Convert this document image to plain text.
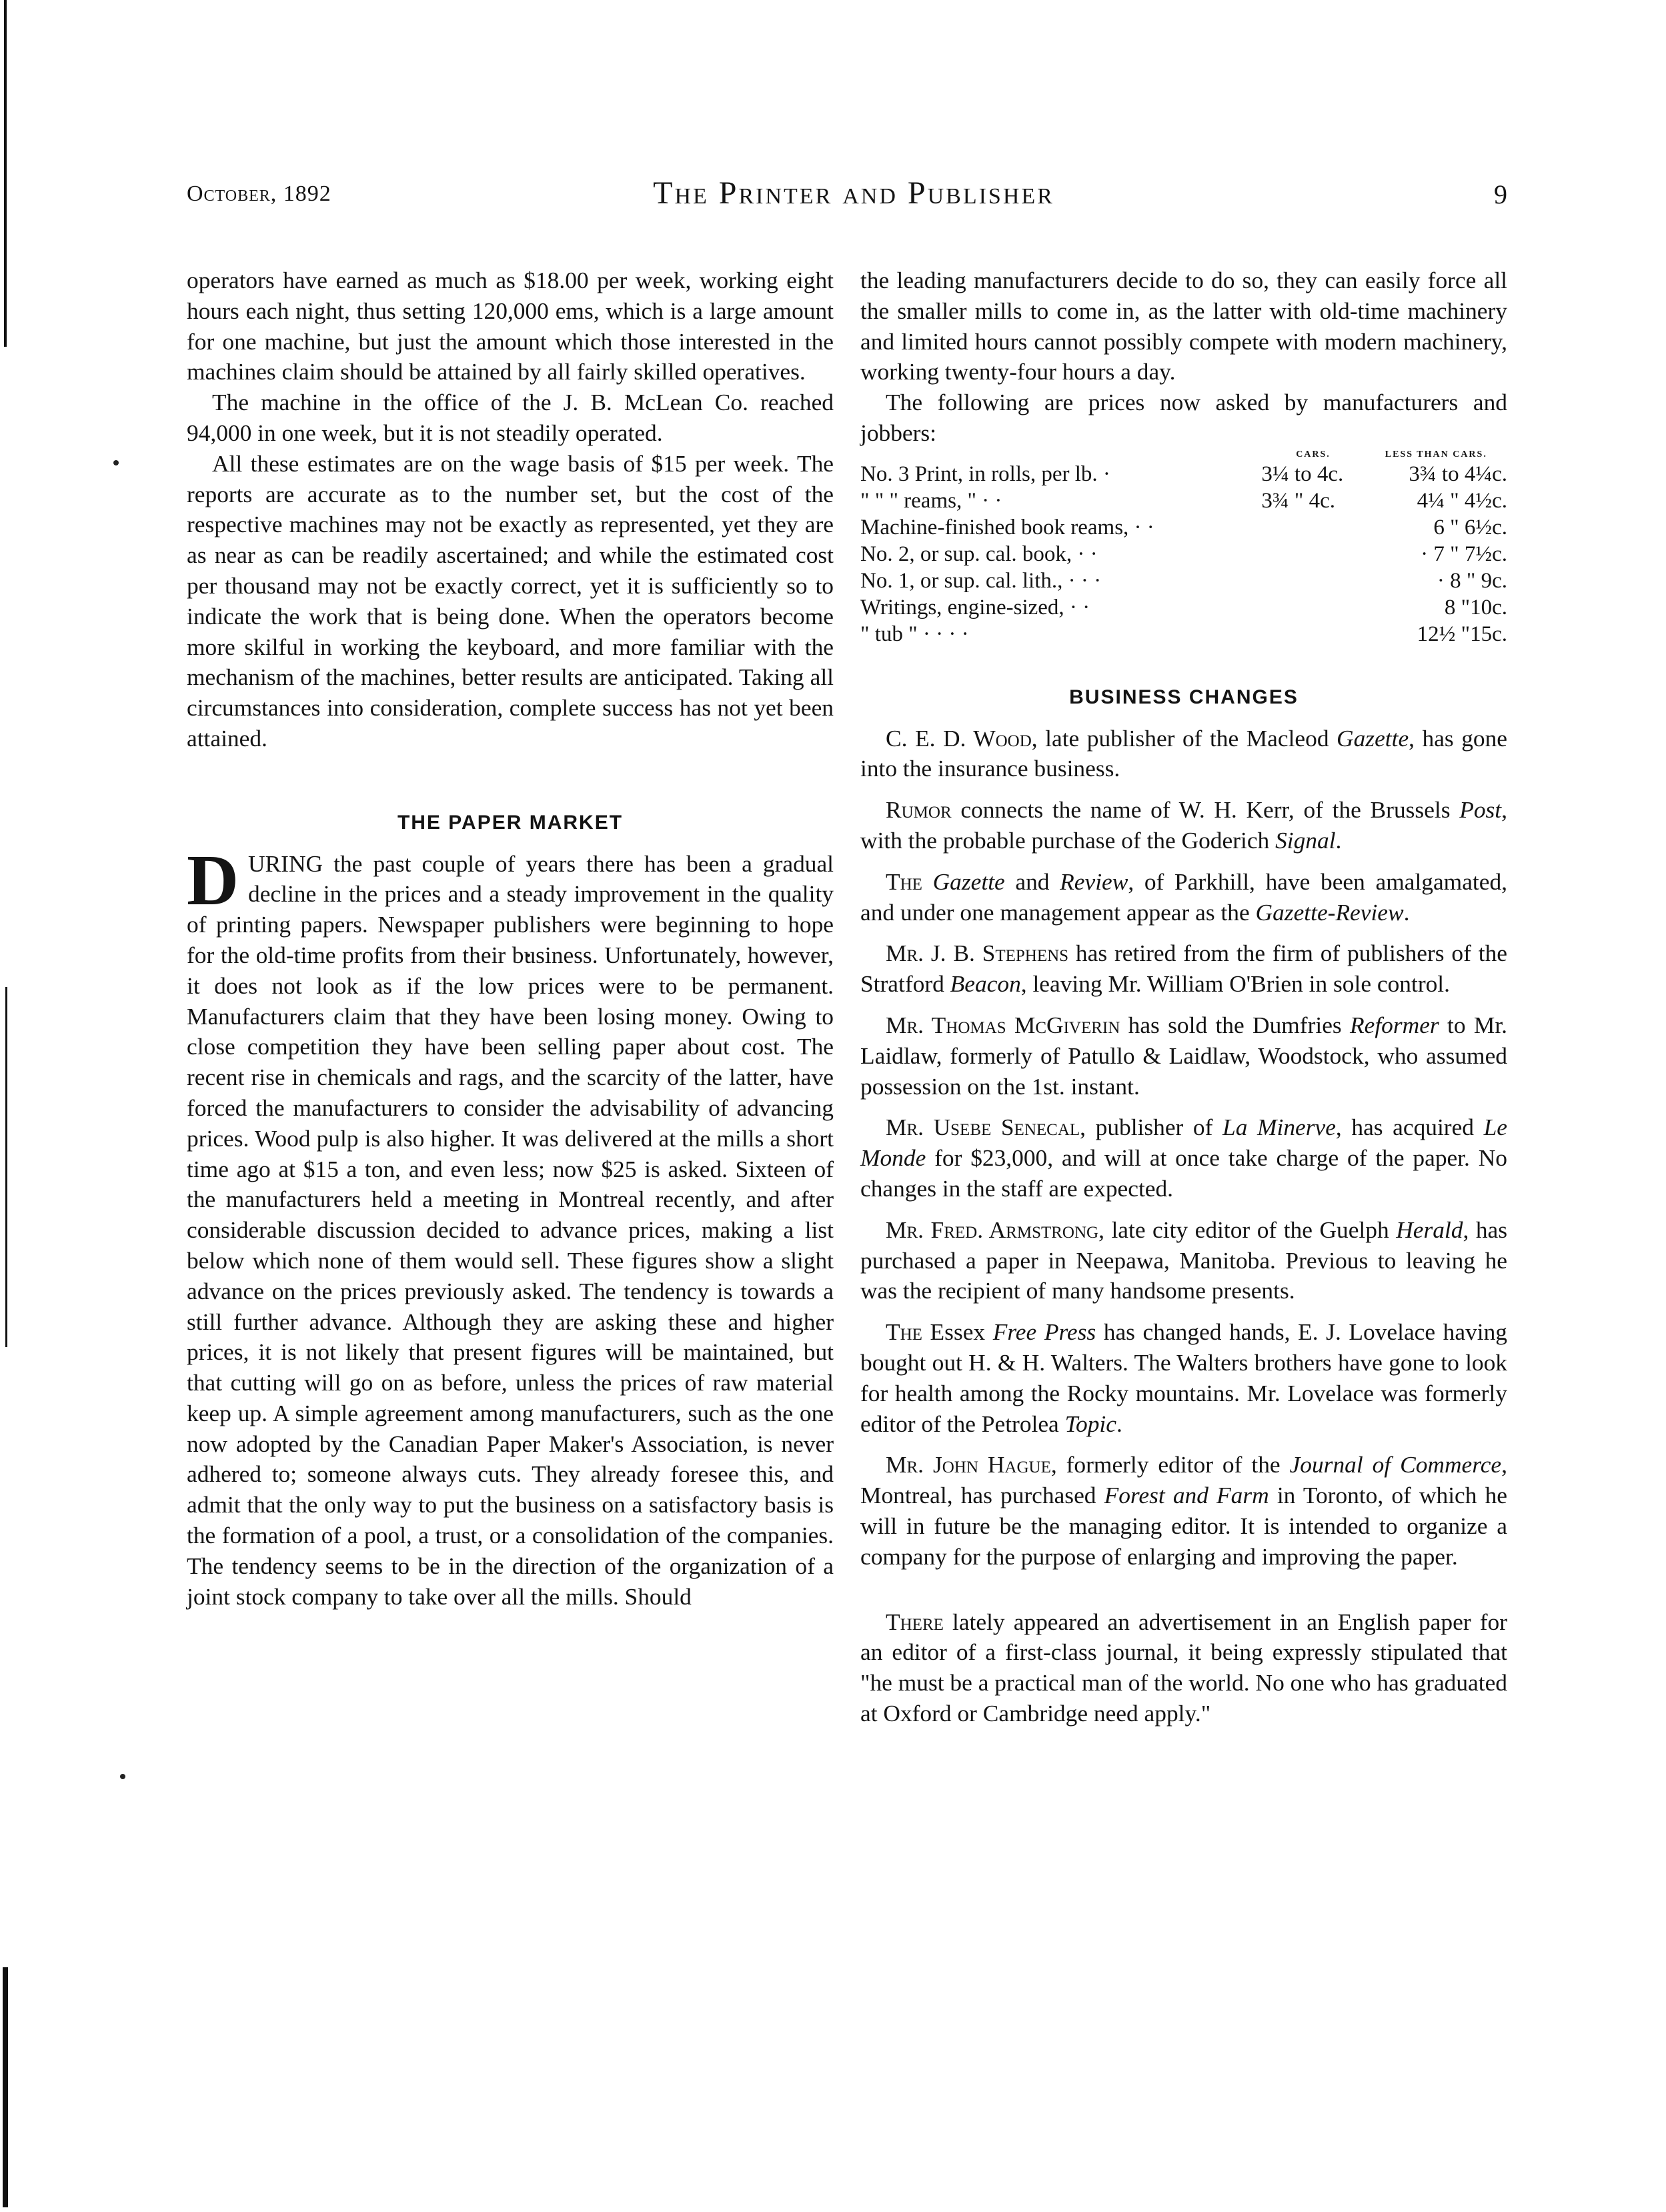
October, 1892	The Printer and Publisher	9

operators have earned as much as $18.00 per week, working eight hours each night, thus setting 120,000 ems, which is a large amount for one machine, but just the amount which those interested in the machines claim should be attained by all fairly skilled operatives.

The machine in the office of the J. B. McLean Co. reached 94,000 in one week, but it is not steadily operated.

All these estimates are on the wage basis of $15 per week. The reports are accurate as to the number set, but the cost of the respective machines may not be exactly as represented, yet they are as near as can be readily ascertained; and while the estimated cost per thousand may not be exactly correct, yet it is sufficiently so to indicate the work that is being done. When the operators become more skilful in working the keyboard, and more familiar with the mechanism of the machines, better results are anticipated. Taking all circumstances into consideration, complete success has not yet been attained.

THE PAPER MARKET

DURING the past couple of years there has been a gradual decline in the prices and a steady improvement in the quality of printing papers. Newspaper publishers were beginning to hope for the old-time profits from their business. Unfortunately, however, it does not look as if the low prices were to be permanent. Manufacturers claim that they have been losing money. Owing to close competition they have been selling paper about cost. The recent rise in chemicals and rags, and the scarcity of the latter, have forced the manufacturers to consider the advisability of advancing prices. Wood pulp is also higher. It was delivered at the mills a short time ago at $15 a ton, and even less; now $25 is asked. Sixteen of the manufacturers held a meeting in Montreal recently, and after considerable discussion decided to advance prices, making a list below which none of them would sell. These figures show a slight advance on the prices previously asked. The tendency is towards a still further advance. Although they are asking these and higher prices, it is not likely that present figures will be maintained, but that cutting will go on as before, unless the prices of raw material keep up. A simple agreement among manufacturers, such as the one now adopted by the Canadian Paper Maker's Association, is never adhered to; someone always cuts. They already foresee this, and admit that the only way to put the business on a satisfactory basis is the formation of a pool, a trust, or a consolidation of the companies. The tendency seems to be in the direction of the organization of a joint stock company to take over all the mills. Should

the leading manufacturers decide to do so, they can easily force all the smaller mills to come in, as the latter with old-time machinery and limited hours cannot possibly compete with modern machinery, working twenty-four hours a day.

The following are prices now asked by manufacturers and jobbers:

	CARS.	LESS THAN CARS.
No. 3 Print, in rolls, per lb. ·	3¼ to 4c.	3¾ to 4¼c.
" " " reams, " · ·	3¾ " 4c.	4¼ " 4½c.
Machine-finished book reams, · ·		6 " 6½c.
No. 2, or sup. cal. book, · ·		· 7 " 7½c.
No. 1, or sup. cal. lith., · · ·		· 8 " 9c.
Writings, engine-sized, · ·		8 "10c.
" tub " · · · ·		12½ "15c.
BUSINESS CHANGES

C. E. D. Wood, late publisher of the Macleod Gazette, has gone into the insurance business.

Rumor connects the name of W. H. Kerr, of the Brussels Post, with the probable purchase of the Goderich Signal.

The Gazette and Review, of Parkhill, have been amalgamated, and under one management appear as the Gazette-Review.

Mr. J. B. Stephens has retired from the firm of publishers of the Stratford Beacon, leaving Mr. William O'Brien in sole control.

Mr. Thomas McGiverin has sold the Dumfries Reformer to Mr. Laidlaw, formerly of Patullo & Laidlaw, Woodstock, who assumed possession on the 1st. instant.

Mr. Usebe Senecal, publisher of La Minerve, has acquired Le Monde for $23,000, and will at once take charge of the paper. No changes in the staff are expected.

Mr. Fred. Armstrong, late city editor of the Guelph Herald, has purchased a paper in Neepawa, Manitoba. Previous to leaving he was the recipient of many handsome presents.

The Essex Free Press has changed hands, E. J. Lovelace having bought out H. & H. Walters. The Walters brothers have gone to look for health among the Rocky mountains. Mr. Lovelace was formerly editor of the Petrolea Topic.

Mr. John Hague, formerly editor of the Journal of Commerce, Montreal, has purchased Forest and Farm in Toronto, of which he will in future be the managing editor. It is intended to organize a company for the purpose of enlarging and improving the paper.

There lately appeared an advertisement in an English paper for an editor of a first-class journal, it being expressly stipulated that "he must be a practical man of the world. No one who has graduated at Oxford or Cambridge need apply."
